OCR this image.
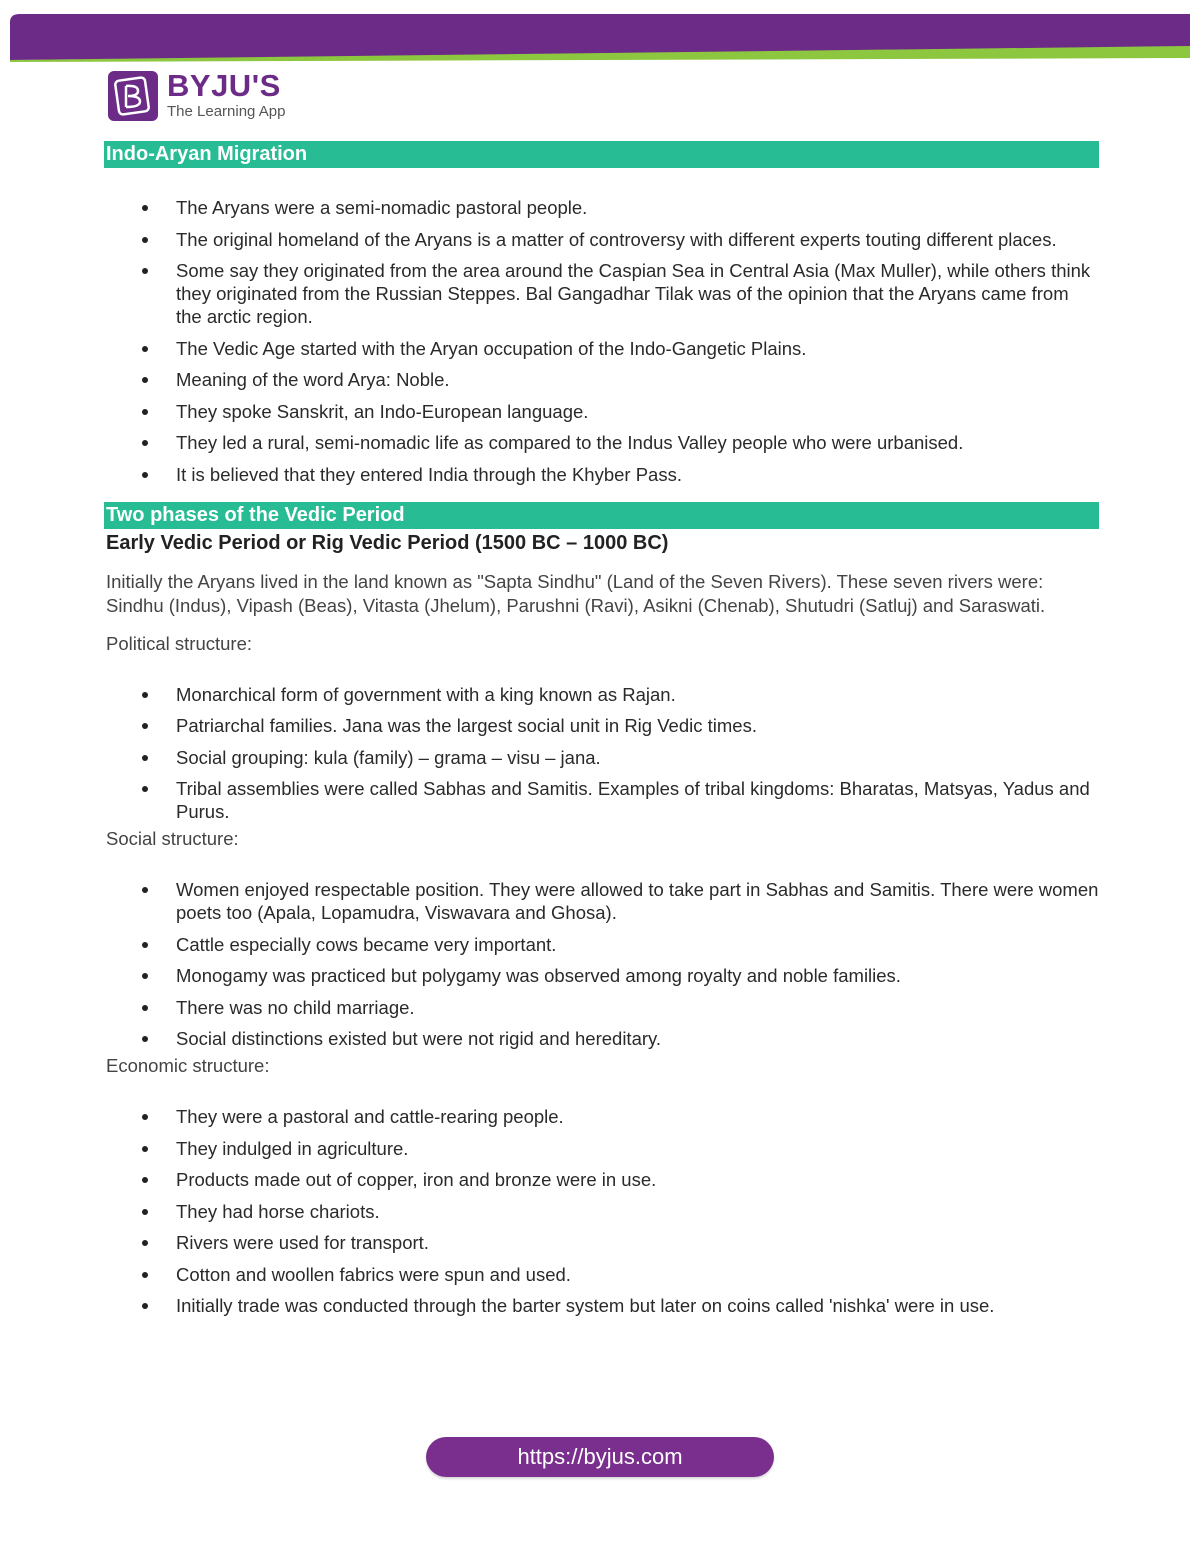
BYJU'S
The Learning App
Indo-Aryan Migration
The Aryans were a semi-nomadic pastoral people.
The original homeland of the Aryans is a matter of controversy with different experts touting different places.
Some say they originated from the area around the Caspian Sea in Central Asia (Max Muller), while others think they originated from the Russian Steppes. Bal Gangadhar Tilak was of the opinion that the Aryans came from the arctic region.
The Vedic Age started with the Aryan occupation of the Indo-Gangetic Plains.
Meaning of the word Arya: Noble.
They spoke Sanskrit, an Indo-European language.
They led a rural, semi-nomadic life as compared to the Indus Valley people who were urbanised.
It is believed that they entered India through the Khyber Pass.
Two phases of the Vedic Period
Early Vedic Period or Rig Vedic Period (1500 BC – 1000 BC)

Initially the Aryans lived in the land known as "Sapta Sindhu" (Land of the Seven Rivers). These seven rivers were: Sindhu (Indus), Vipash (Beas), Vitasta (Jhelum), Parushni (Ravi), Asikni (Chenab), Shutudri (Satluj) and Saraswati.

Political structure:

Monarchical form of government with a king known as Rajan.
Patriarchal families. Jana was the largest social unit in Rig Vedic times.
Social grouping: kula (family) – grama – visu – jana.
Tribal assemblies were called Sabhas and Samitis. Examples of tribal kingdoms: Bharatas, Matsyas, Yadus and Purus.

Social structure:

Women enjoyed respectable position. They were allowed to take part in Sabhas and Samitis. There were women poets too (Apala, Lopamudra, Viswavara and Ghosa).
Cattle especially cows became very important.
Monogamy was practiced but polygamy was observed among royalty and noble families.
There was no child marriage.
Social distinctions existed but were not rigid and hereditary.

Economic structure:

They were a pastoral and cattle-rearing people.
They indulged in agriculture.
Products made out of copper, iron and bronze were in use.
They had horse chariots.
Rivers were used for transport.
Cotton and woollen fabrics were spun and used.
Initially trade was conducted through the barter system but later on coins called 'nishka' were in use.
https://byjus.com
